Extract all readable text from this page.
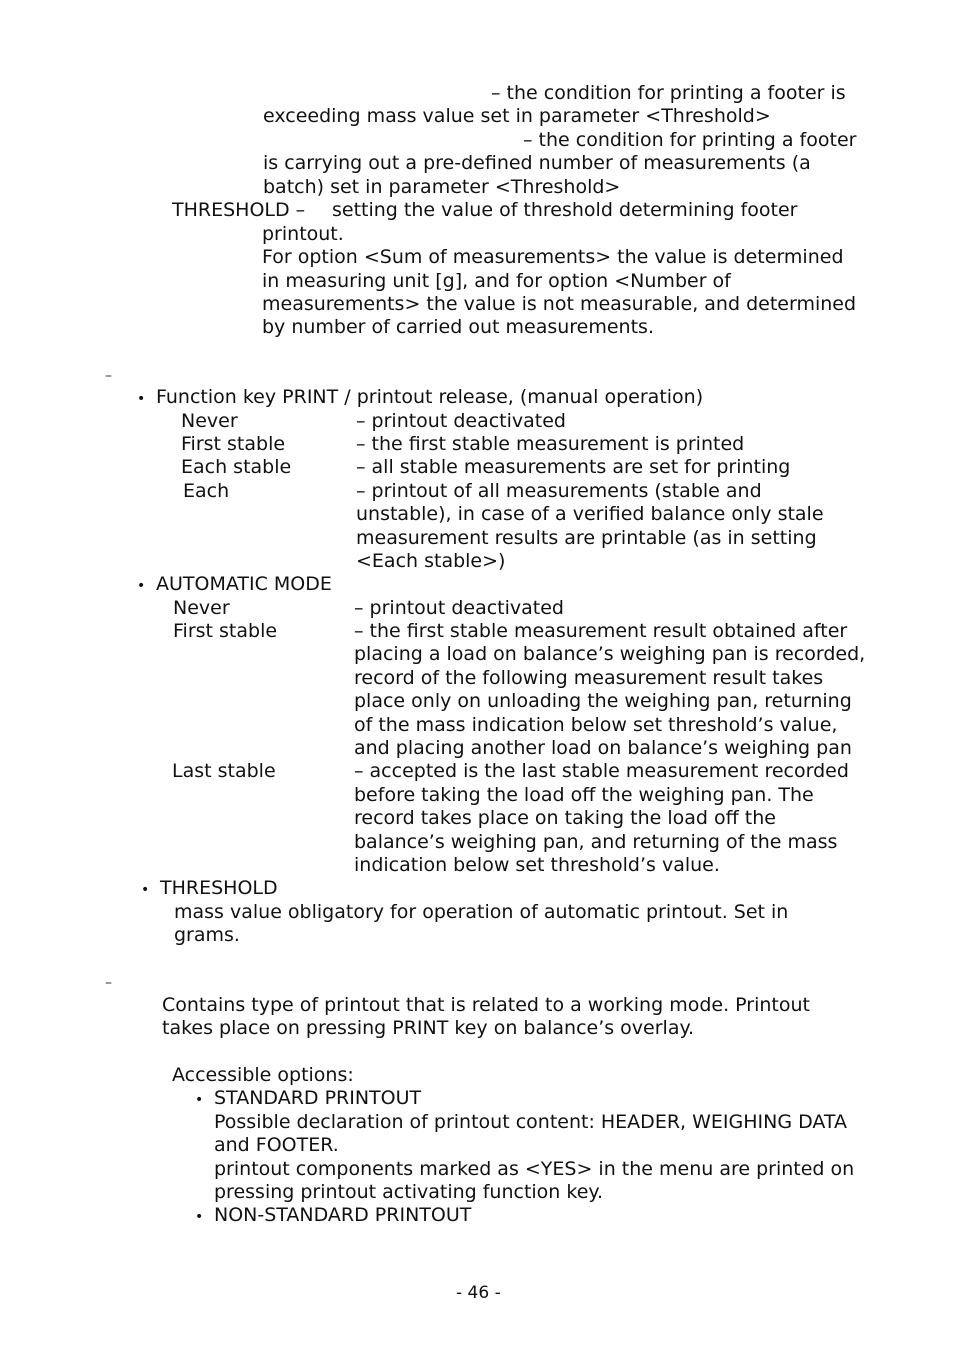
– the condition for printing a footer is
exceeding mass value set in parameter <Threshold>
– the condition for printing a footer
is carrying out a pre-defined number of measurements (a
batch) set in parameter <Threshold>
THRESHOLD – setting the value of threshold determining footer
printout.
For option <Sum of measurements> the value is determined
in measuring unit [g], and for option <Number of
measurements> the value is not measurable, and determined
by number of carried out measurements.
–
• Function key PRINT / printout release, (manual operation)
Never	– printout deactivated
First stable	– the first stable measurement is printed
Each stable	– all stable measurements are set for printing
Each	– printout of all measurements (stable and
unstable), in case of a verified balance only stale
measurement results are printable (as in setting
<Each stable>)
• AUTOMATIC MODE
Never	– printout deactivated
First stable	– the first stable measurement result obtained after
placing a load on balance’s weighing pan is recorded,
record of the following measurement result takes
place only on unloading the weighing pan, returning
of the mass indication below set threshold’s value,
and placing another load on balance’s weighing pan
Last stable	– accepted is the last stable measurement recorded
before taking the load off the weighing pan. The
record takes place on taking the load off the
balance’s weighing pan, and returning of the mass
indication below set threshold’s value.
• THRESHOLD
mass value obligatory for operation of automatic printout. Set in
grams.
–
Contains type of printout that is related to a working mode. Printout
takes place on pressing PRINT key on balance’s overlay.
Accessible options:
• STANDARD PRINTOUT
Possible declaration of printout content: HEADER, WEIGHING DATA
and FOOTER.
printout components marked as <YES> in the menu are printed on
pressing printout activating function key.
• NON-STANDARD PRINTOUT
- 46 -
